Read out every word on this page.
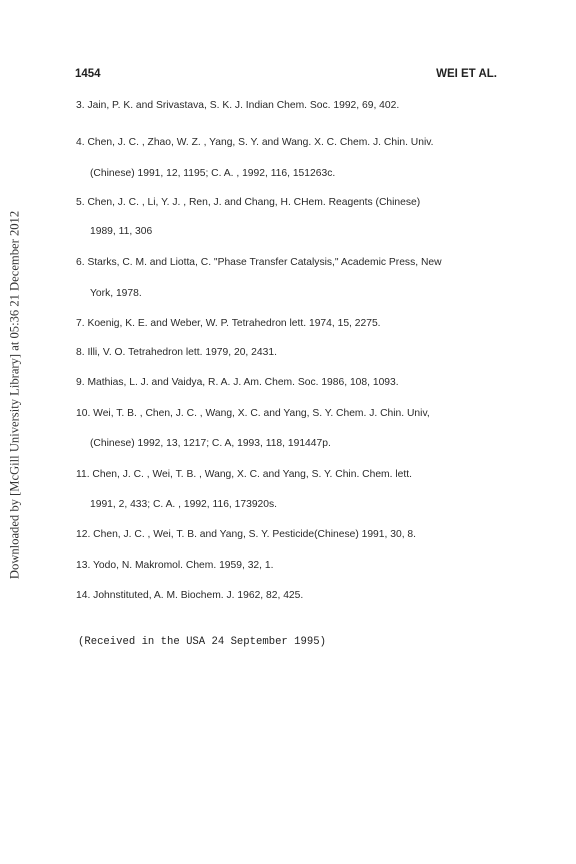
Downloaded by [McGill University Library] at 05:36 21 December 2012
1454	WEI ET AL.
3. Jain, P. K. and Srivastava, S. K. J. Indian Chem. Soc. 1992, 69, 402.
4. Chen, J. C. , Zhao, W. Z. , Yang, S. Y. and Wang. X. C. Chem. J. Chin. Univ.
(Chinese) 1991, 12, 1195; C. A. , 1992, 116, 151263c.
5. Chen, J. C. , Li, Y. J. , Ren, J. and Chang, H. CHem. Reagents (Chinese)
1989, 11, 306
6. Starks, C. M. and Liotta, C. "Phase Transfer Catalysis," Academic Press, New
York, 1978.
7. Koenig, K. E. and Weber, W. P. Tetrahedron lett. 1974, 15, 2275.
8. Illi, V. O. Tetrahedron lett. 1979, 20, 2431.
9. Mathias, L. J. and Vaidya, R. A. J. Am. Chem. Soc. 1986, 108, 1093.
10. Wei, T. B. , Chen, J. C. , Wang, X. C. and Yang, S. Y. Chem. J. Chin. Univ,
(Chinese) 1992, 13, 1217; C. A, 1993, 118, 191447p.
11. Chen, J. C. , Wei, T. B. , Wang, X. C. and Yang, S. Y. Chin. Chem. lett.
1991, 2, 433; C. A. , 1992, 116, 173920s.
12. Chen, J. C. , Wei, T. B. and Yang, S. Y. Pesticide(Chinese) 1991, 30, 8.
13. Yodo, N. Makromol. Chem. 1959, 32, 1.
14. Johnstituted, A. M. Biochem. J. 1962, 82, 425.
(Received in the USA 24 September 1995)
